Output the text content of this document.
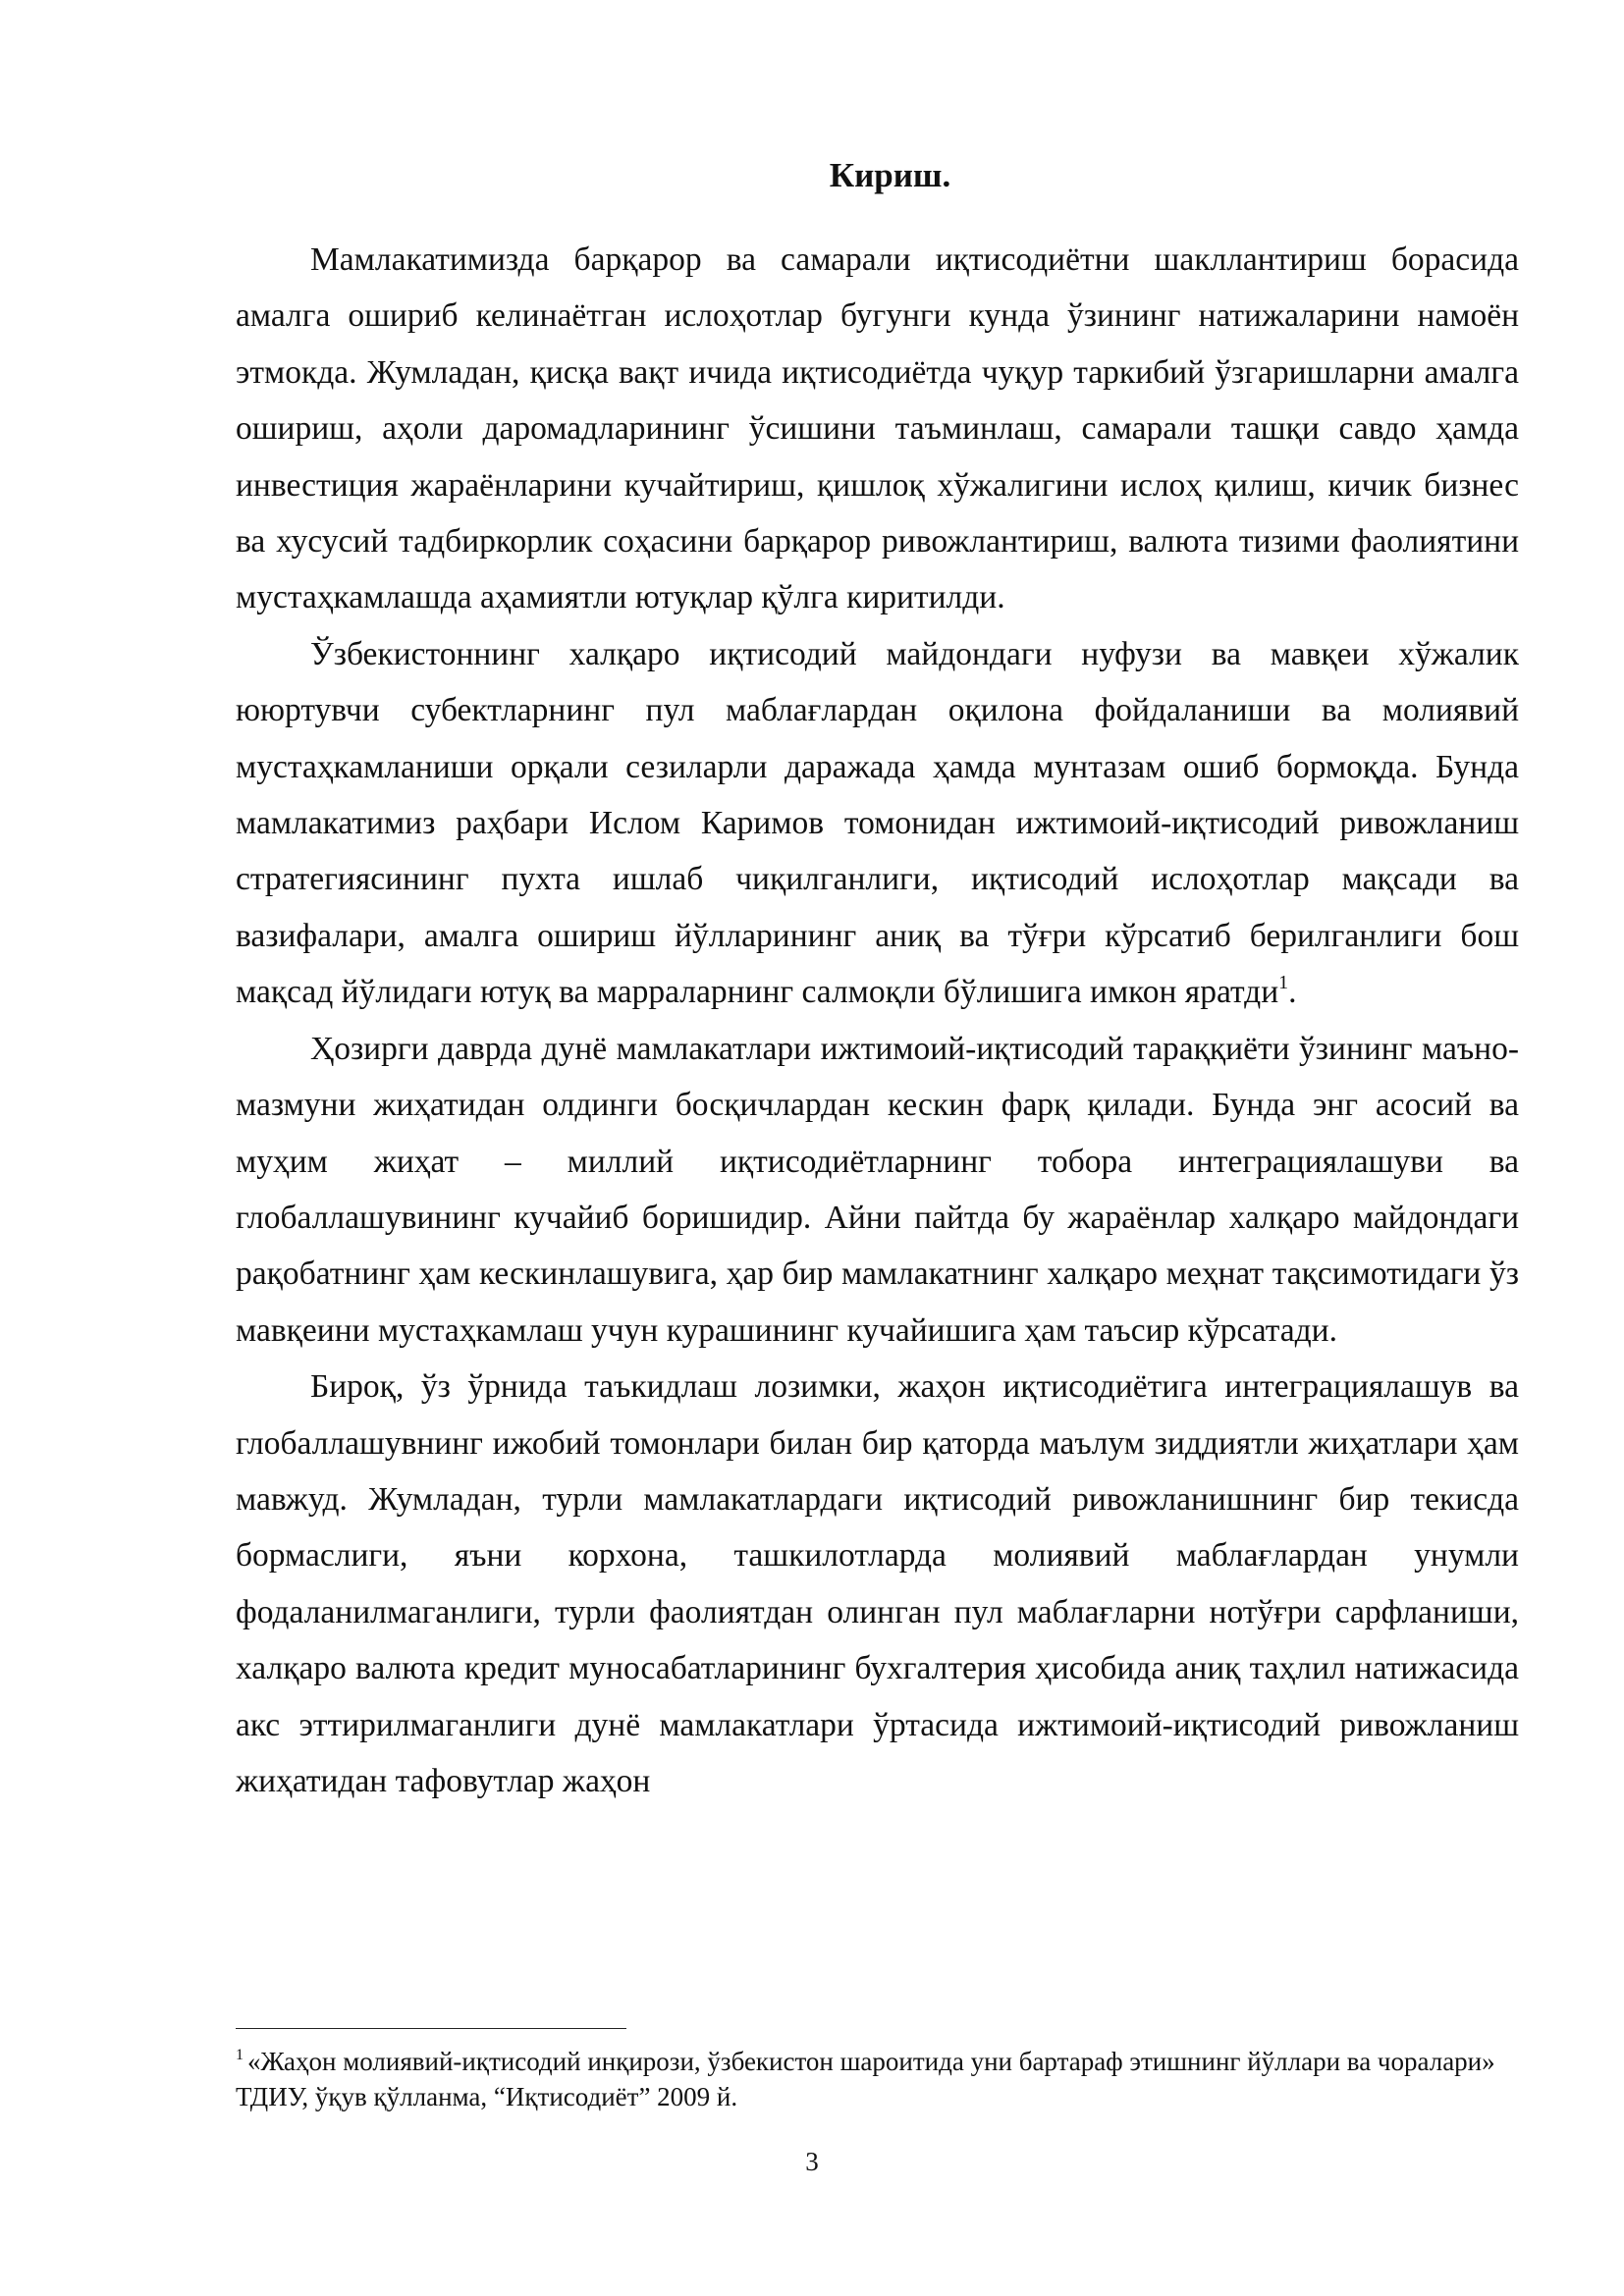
Кириш.

Мамлакатимизда барқарор ва самарали иқтисодиётни шакллантириш борасида амалга ошириб келинаётган ислоҳотлар бугунги кунда ўзининг натижаларини намоён этмокда. Жумладан, қисқа вақт ичида иқтисодиётда чуқур таркибий ўзгаришларни амалга ошириш, аҳоли даромадларининг ўсишини таъминлаш, самарали ташқи савдо ҳамда инвестиция жараёнларини кучайтириш, қишлоқ хўжалигини ислоҳ қилиш, кичик бизнес ва хусусий тадбиркорлик соҳасини барқарор ривожлантириш, валюта тизими фаолиятини мустаҳкамлашда аҳамиятли ютуқлар қўлга киритилди.

Ўзбекистоннинг халқаро иқтисодий майдондаги нуфузи ва мавқеи хўжалик ююртувчи субектларнинг пул маблағлардан оқилона фойдаланиши ва молиявий мустаҳкамланиши орқали сезиларли даражада ҳамда мунтазам ошиб бормоқда. Бунда мамлакатимиз раҳбари Ислом Каримов томонидан ижтимоий-иқтисодий ривожланиш стратегиясининг пухта ишлаб чиқилганлиги, иқтисодий ислоҳотлар мақсади ва вазифалари, амалга ошириш йўлларининг аниқ ва тўғри кўрсатиб берилганлиги бош мақсад йўлидаги ютуқ ва марраларнинг салмоқли бўлишига имкон яратди$^1$.

Ҳозирги даврда дунё мамлакатлари ижтимоий-иқтисодий тараққиёти ўзининг маъно-мазмуни жиҳатидан олдинги босқичлардан кескин фарқ қилади. Бунда энг асосий ва муҳим жиҳат – миллий иқтисодиётларнинг тобора интеграциялашуви ва глобаллашувининг кучайиб боришидир. Айни пайтда бу жараёнлар халқаро майдондаги рақобатнинг ҳам кескинлашувига, ҳар бир мамлакатнинг халқаро меҳнат тақсимотидаги ўз мавқеини мустаҳкамлаш учун курашининг кучайишига ҳам таъсир кўрсатади.

Бироқ, ўз ўрнида таъкидлаш лозимки, жаҳон иқтисодиётига интеграциялашув ва глобаллашувнинг ижобий томонлари билан бир қаторда маълум зиддиятли жиҳатлари ҳам мавжуд. Жумладан, турли мамлакатлардаги иқтисодий ривожланишнинг бир текисда бормаслиги, яъни корхона, ташкилотларда молиявий маблағлардан унумли фодаланилмаганлиги, турли фаолиятдан олинган пул маблағларни нотўғри сарфланиши, халқаро валюта кредит муносабатларининг бухгалтерия ҳисобида аниқ таҳлил натижасида акс эттирилмаганлиги дунё мамлакатлари ўртасида ижтимоий-иқтисодий ривожланиш жиҳатидан тафовутлар жаҳон

$^1$ «Жаҳон молиявий-иқтисодий инқирози, ўзбекистон шароитида уни бартараф этишнинг йўллари ва чоралари» ТДИУ, ўқув қўлланма, “Иқтисодиёт” 2009 й.

3
